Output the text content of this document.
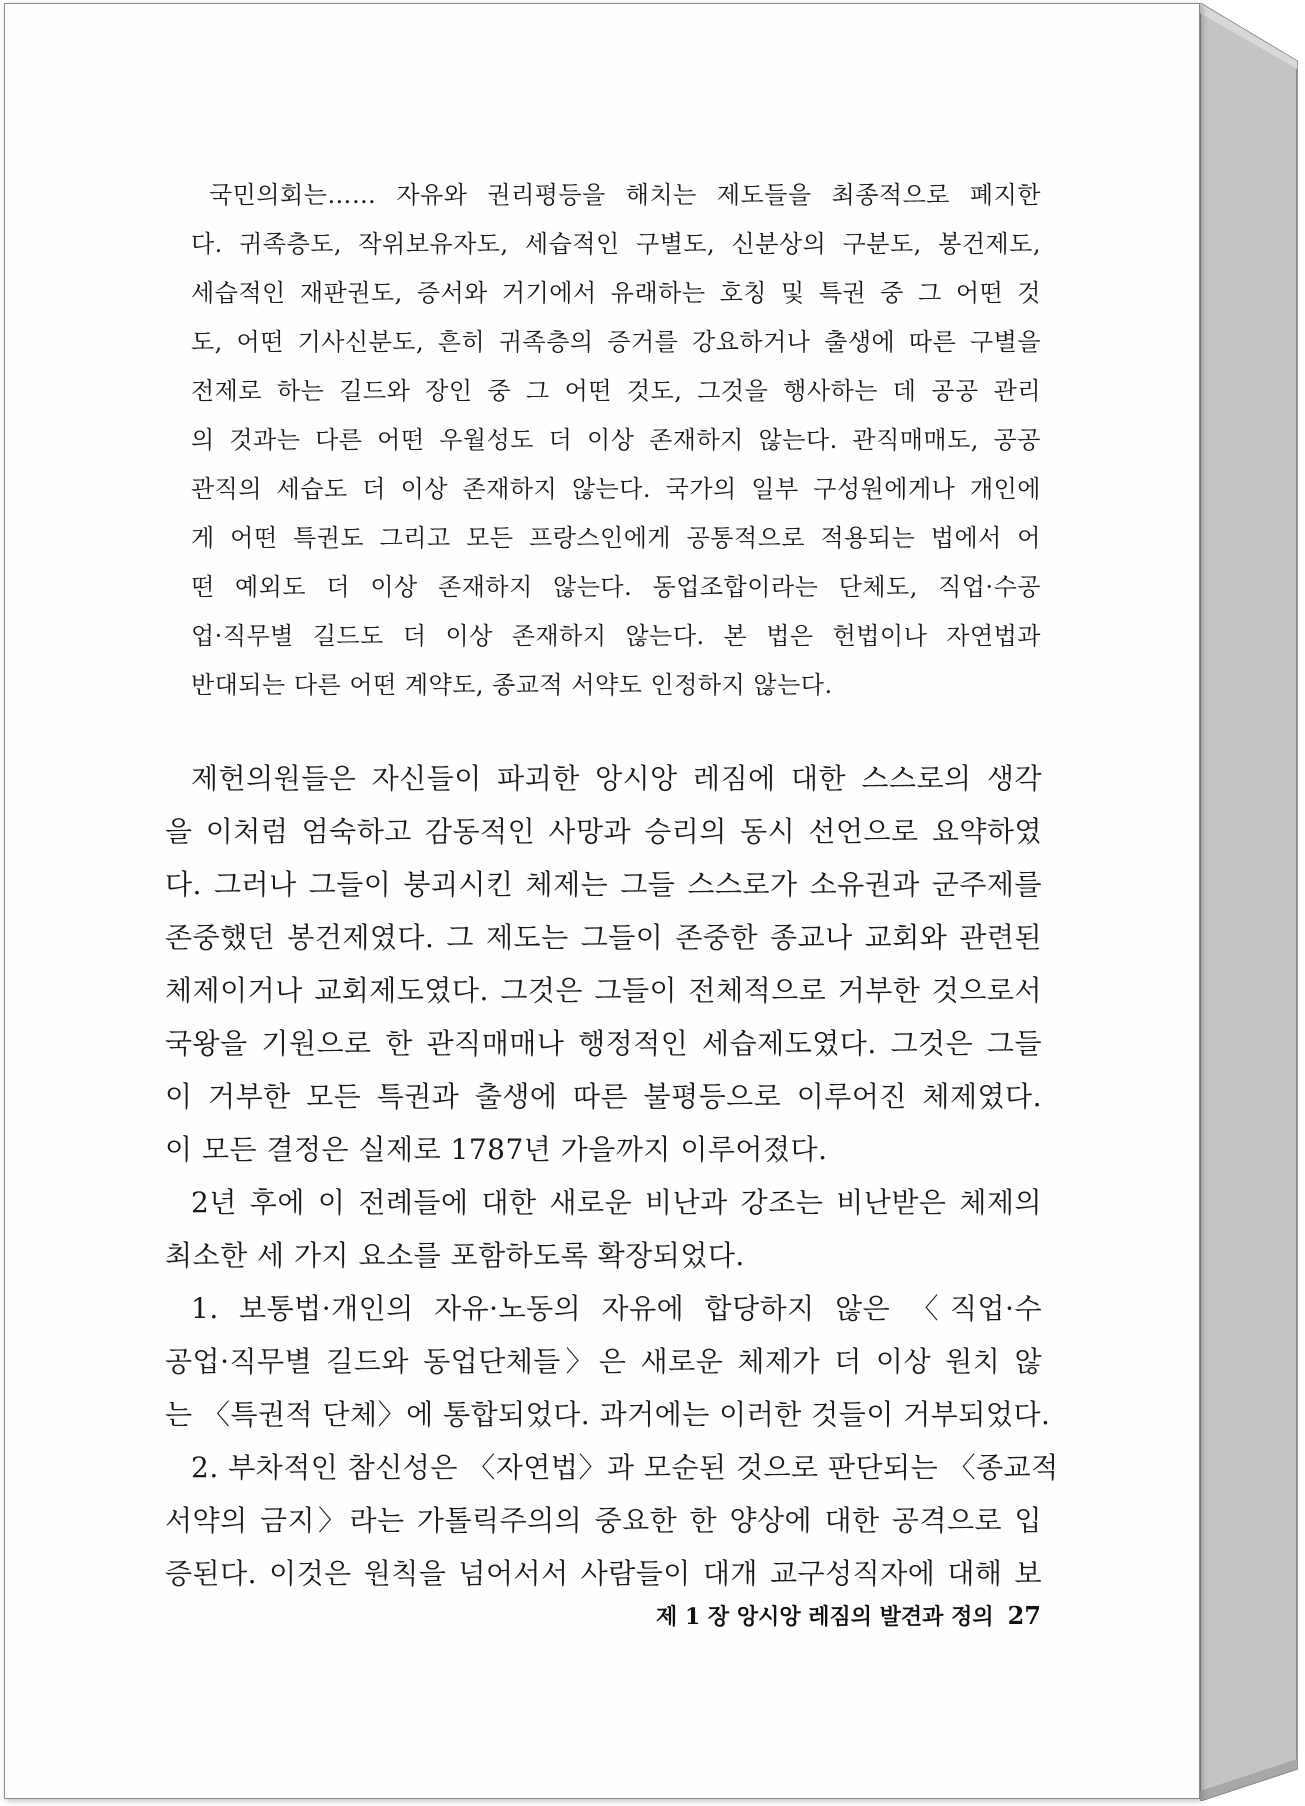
국민의회는…… 자유와 권리평등을 해치는 제도들을 최종적으로 폐지한
다. 귀족층도, 작위보유자도, 세습적인 구별도, 신분상의 구분도, 봉건제도,
세습적인 재판권도, 증서와 거기에서 유래하는 호칭 및 특권 중 그 어떤 것
도, 어떤 기사신분도, 흔히 귀족층의 증거를 강요하거나 출생에 따른 구별을
전제로 하는 길드와 장인 중 그 어떤 것도, 그것을 행사하는 데 공공 관리
의 것과는 다른 어떤 우월성도 더 이상 존재하지 않는다. 관직매매도, 공공
관직의 세습도 더 이상 존재하지 않는다. 국가의 일부 구성원에게나 개인에
게 어떤 특권도 그리고 모든 프랑스인에게 공통적으로 적용되는 법에서 어
떤 예외도 더 이상 존재하지 않는다. 동업조합이라는 단체도, 직업·수공
업·직무별 길드도 더 이상 존재하지 않는다. 본 법은 헌법이나 자연법과
반대되는 다른 어떤 계약도, 종교적 서약도 인정하지 않는다.
제헌의원들은 자신들이 파괴한 앙시앙 레짐에 대한 스스로의 생각
을 이처럼 엄숙하고 감동적인 사망과 승리의 동시 선언으로 요약하였
다. 그러나 그들이 붕괴시킨 체제는 그들 스스로가 소유권과 군주제를
존중했던 봉건제였다. 그 제도는 그들이 존중한 종교나 교회와 관련된
체제이거나 교회제도였다. 그것은 그들이 전체적으로 거부한 것으로서
국왕을 기원으로 한 관직매매나 행정적인 세습제도였다. 그것은 그들
이 거부한 모든 특권과 출생에 따른 불평등으로 이루어진 체제였다.
이 모든 결정은 실제로 1787년 가을까지 이루어졌다.
2년 후에 이 전례들에 대한 새로운 비난과 강조는 비난받은 체제의
최소한 세 가지 요소를 포함하도록 확장되었다.
1. 보통법·개인의 자유·노동의 자유에 합당하지 않은 〈직업·수
공업·직무별 길드와 동업단체들〉은 새로운 체제가 더 이상 원치 않
는 〈특권적 단체〉에 통합되었다. 과거에는 이러한 것들이 거부되었다.
2. 부차적인 참신성은 〈자연법〉과 모순된 것으로 판단되는 〈종교적
서약의 금지〉라는 가톨릭주의의 중요한 한 양상에 대한 공격으로 입
증된다. 이것은 원칙을 넘어서서 사람들이 대개 교구성직자에 대해 보
제 1 장 앙시앙 레짐의 발견과 정의 27
